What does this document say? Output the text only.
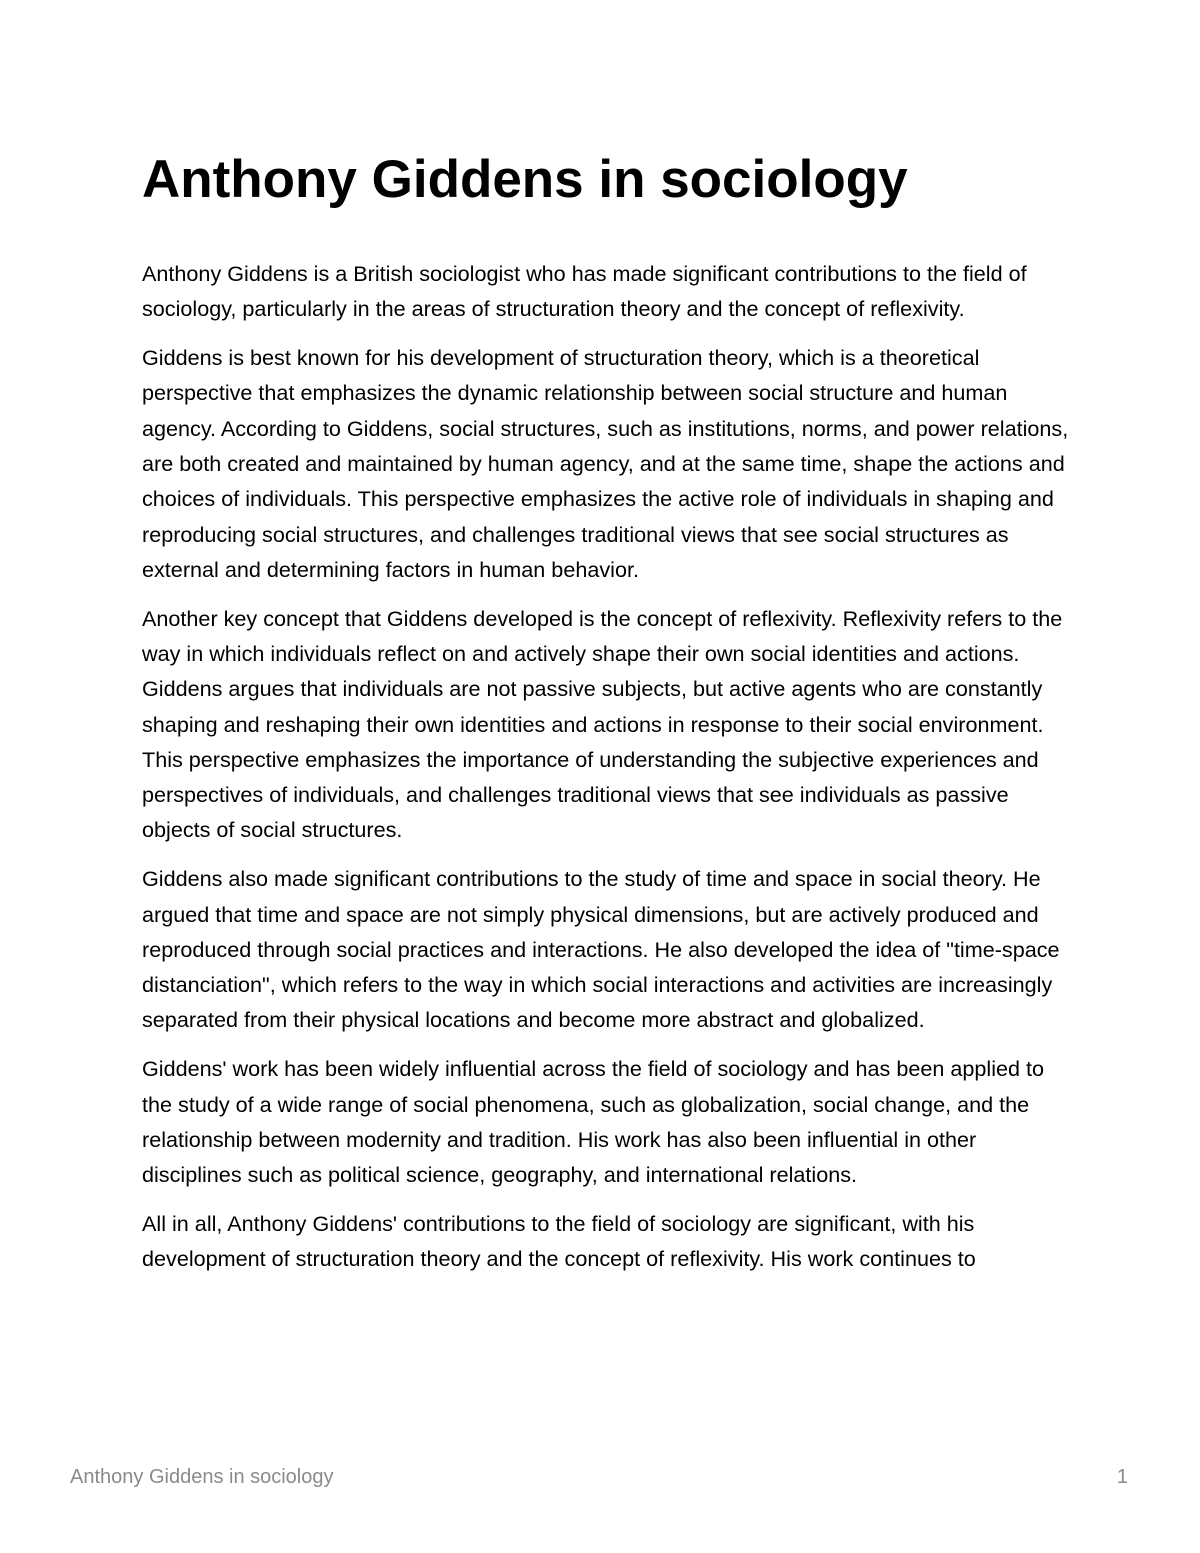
Anthony Giddens in sociology

Anthony Giddens is a British sociologist who has made significant contributions to the field of sociology, particularly in the areas of structuration theory and the concept of reflexivity.

Giddens is best known for his development of structuration theory, which is a theoretical perspective that emphasizes the dynamic relationship between social structure and human agency. According to Giddens, social structures, such as institutions, norms, and power relations, are both created and maintained by human agency, and at the same time, shape the actions and choices of individuals. This perspective emphasizes the active role of individuals in shaping and reproducing social structures, and challenges traditional views that see social structures as external and determining factors in human behavior.

Another key concept that Giddens developed is the concept of reflexivity. Reflexivity refers to the way in which individuals reflect on and actively shape their own social identities and actions. Giddens argues that individuals are not passive subjects, but active agents who are constantly shaping and reshaping their own identities and actions in response to their social environment. This perspective emphasizes the importance of understanding the subjective experiences and perspectives of individuals, and challenges traditional views that see individuals as passive objects of social structures.

Giddens also made significant contributions to the study of time and space in social theory. He argued that time and space are not simply physical dimensions, but are actively produced and reproduced through social practices and interactions. He also developed the idea of "time-space distanciation", which refers to the way in which social interactions and activities are increasingly separated from their physical locations and become more abstract and globalized.

Giddens' work has been widely influential across the field of sociology and has been applied to the study of a wide range of social phenomena, such as globalization, social change, and the relationship between modernity and tradition. His work has also been influential in other disciplines such as political science, geography, and international relations.

All in all, Anthony Giddens' contributions to the field of sociology are significant, with his development of structuration theory and the concept of reflexivity. His work continues to

Anthony Giddens in sociology	1
